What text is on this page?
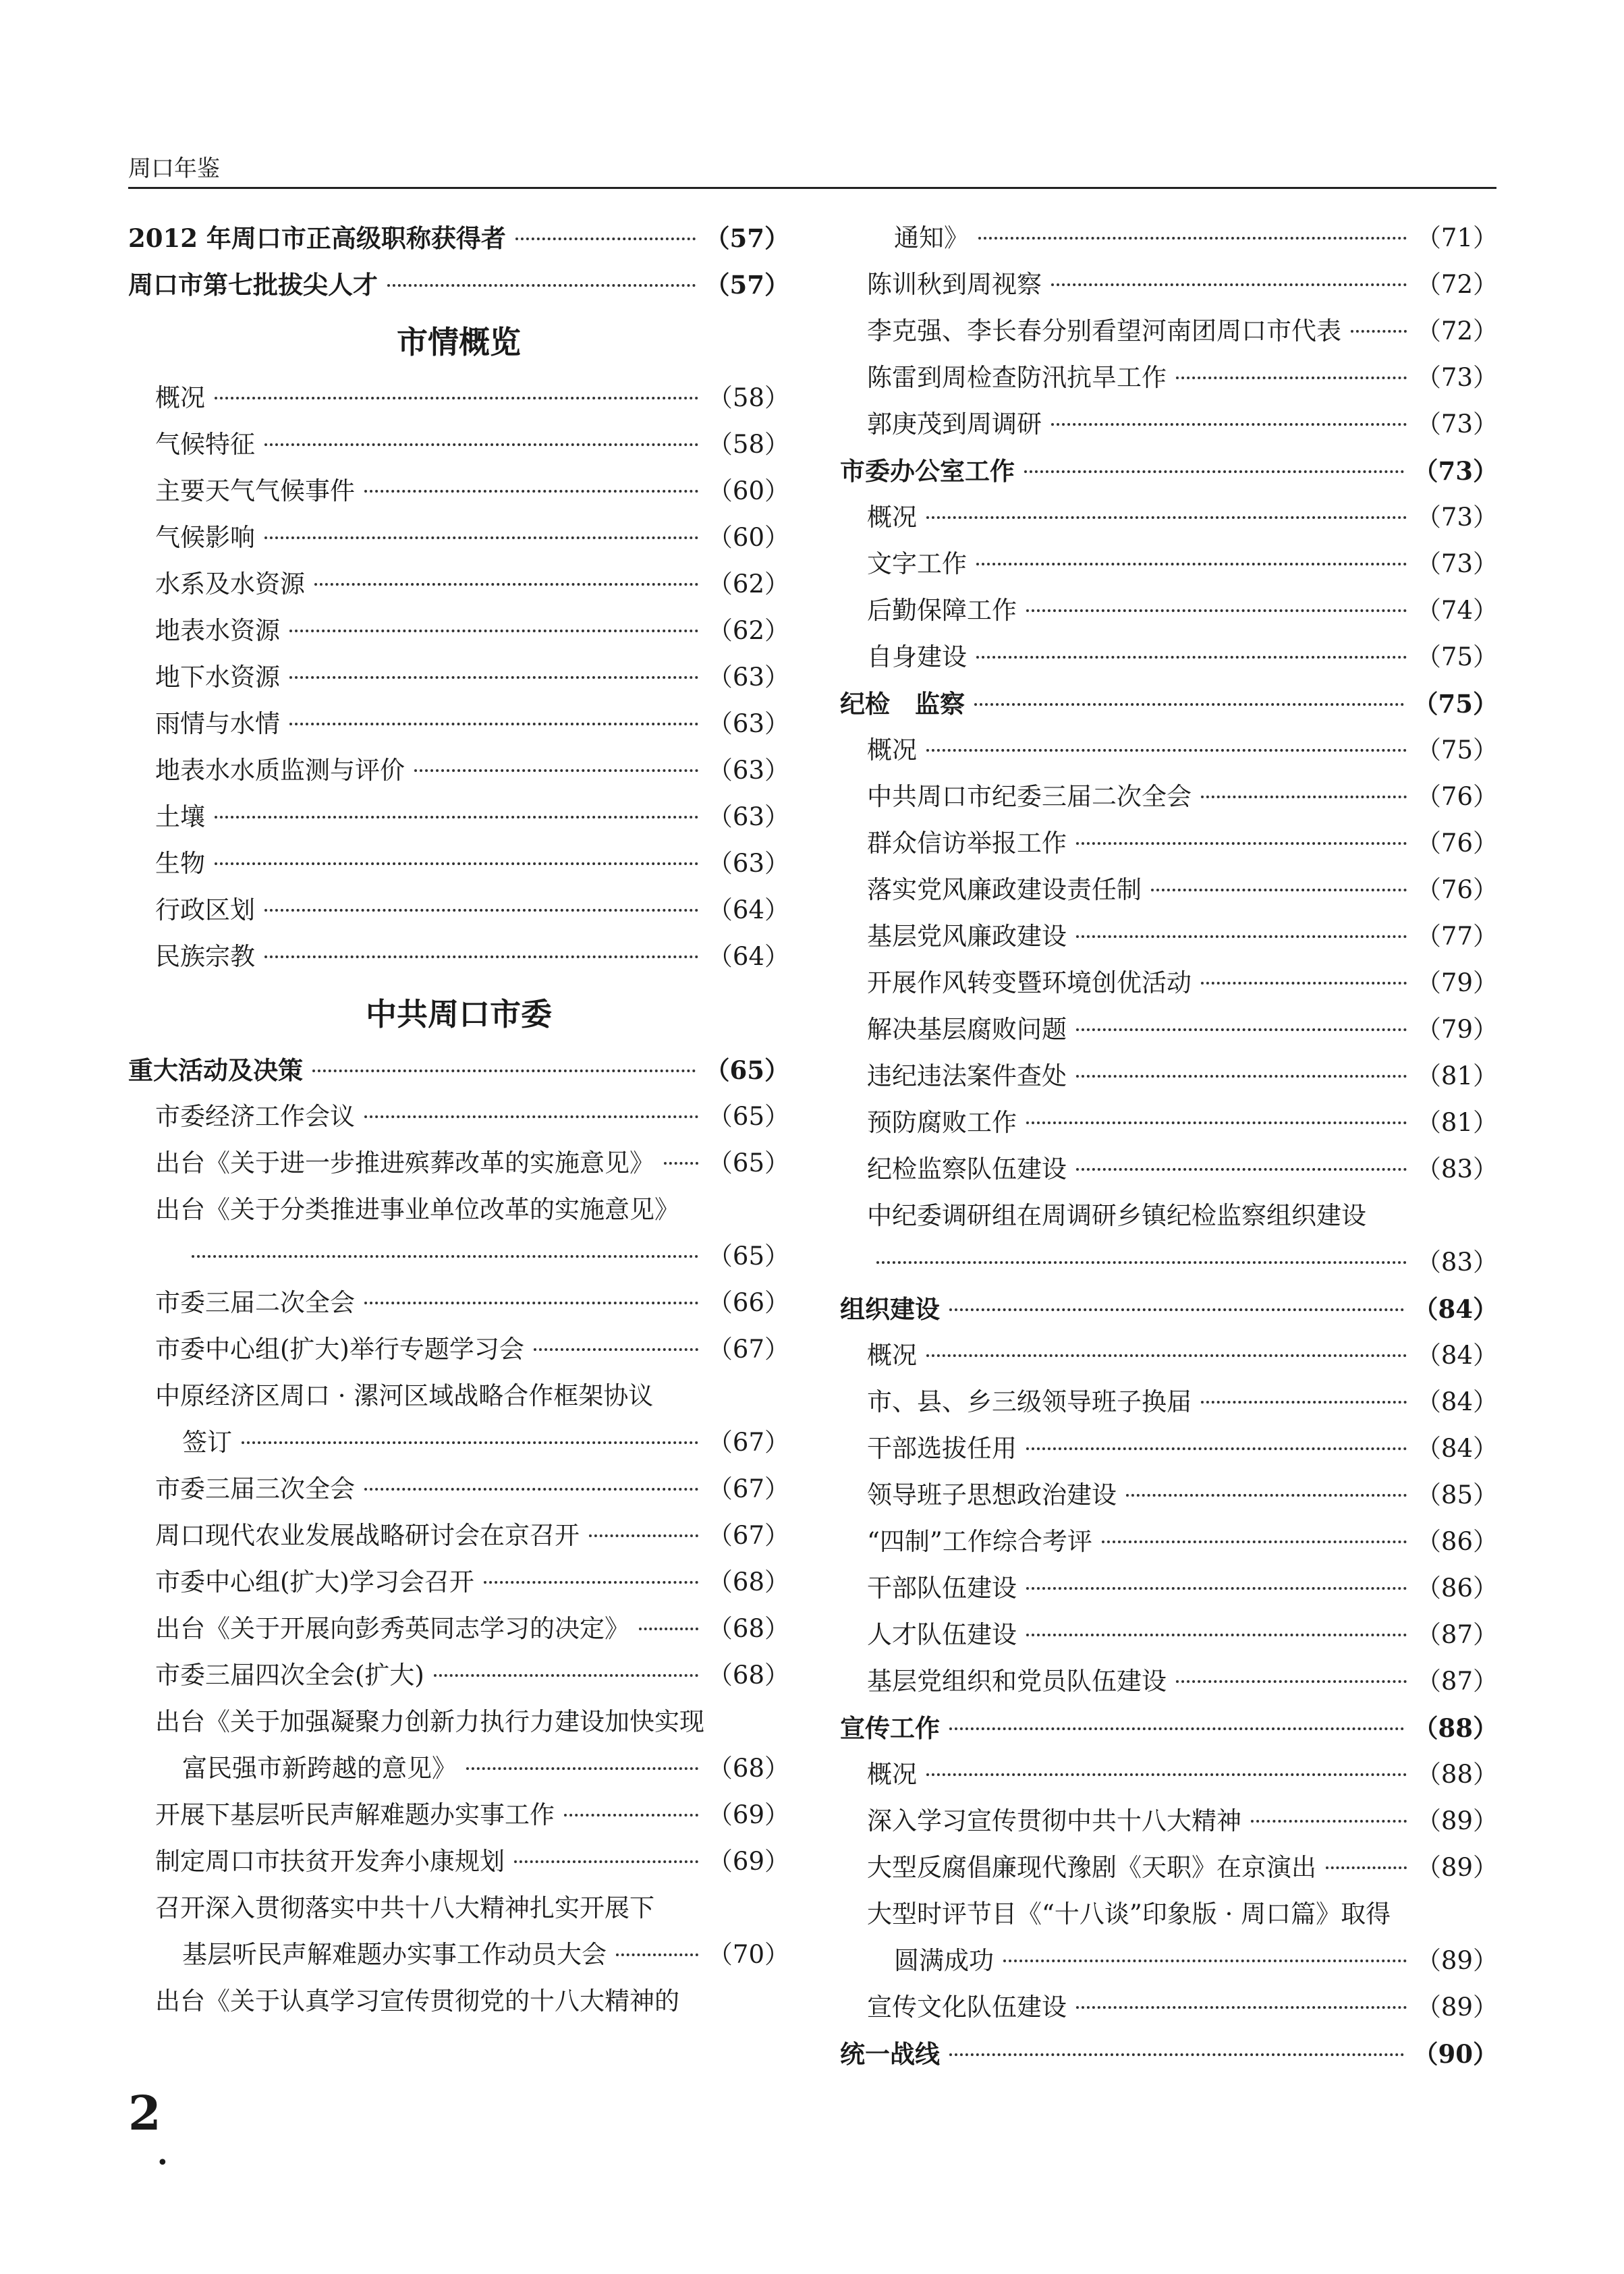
周口年鉴
2012 年周口市正高级职称获得者	（57）
周口市第七批拔尖人才	（57）
市情概览
概况	（58）
气候特征	（58）
主要天气气候事件	（60）
气候影响	（60）
水系及水资源	（62）
地表水资源	（62）
地下水资源	（63）
雨情与水情	（63）
地表水水质监测与评价	（63）
土壤	（63）
生物	（63）
行政区划	（64）
民族宗教	（64）
中共周口市委
重大活动及决策	（65）
市委经济工作会议	（65）
出台《关于进一步推进殡葬改革的实施意见》 （65）
出台《关于分类推进事业单位改革的实施意见》
（65）
市委三届二次全会	（66）
市委中心组(扩大)举行专题学习会	（67）
中原经济区周口 · 漯河区域战略合作框架协议
签订	（67）
市委三届三次全会	（67）
周口现代农业发展战略研讨会在京召开	（67）
市委中心组(扩大)学习会召开	（68）
出台《关于开展向彭秀英同志学习的决定》	（68）
市委三届四次全会(扩大)	（68）
出台《关于加强凝聚力创新力执行力建设加快实现
富民强市新跨越的意见》	（68）
开展下基层听民声解难题办实事工作	（69）
制定周口市扶贫开发奔小康规划	（69）
召开深入贯彻落实中共十八大精神扎实开展下
基层听民声解难题办实事工作动员大会	（70）
出台《关于认真学习宣传贯彻党的十八大精神的
通知》	（71）
陈训秋到周视察	（72）
李克强、李长春分别看望河南团周口市代表	（72）
陈雷到周检查防汛抗旱工作	（73）
郭庚茂到周调研	（73）
市委办公室工作	（73）
概况	（73）
文字工作	（73）
后勤保障工作	（74）
自身建设	（75）
纪检　监察	（75）
概况	（75）
中共周口市纪委三届二次全会	（76）
群众信访举报工作	（76）
落实党风廉政建设责任制	（76）
基层党风廉政建设	（77）
开展作风转变暨环境创优活动	（79）
解决基层腐败问题	（79）
违纪违法案件查处	（81）
预防腐败工作	（81）
纪检监察队伍建设	（83）
中纪委调研组在周调研乡镇纪检监察组织建设
（83）
组织建设	（84）
概况	（84）
市、县、乡三级领导班子换届	（84）
干部选拔任用	（84）
领导班子思想政治建设	（85）
“四制”工作综合考评	（86）
干部队伍建设	（86）
人才队伍建设	（87）
基层党组织和党员队伍建设	（87）
宣传工作	（88）
概况	（88）
深入学习宣传贯彻中共十八大精神	（89）
大型反腐倡廉现代豫剧《天职》在京演出	（89）
大型时评节目《“十八谈”印象版 · 周口篇》取得
圆满成功	（89）
宣传文化队伍建设	（89）
统一战线	（90）
2
•
